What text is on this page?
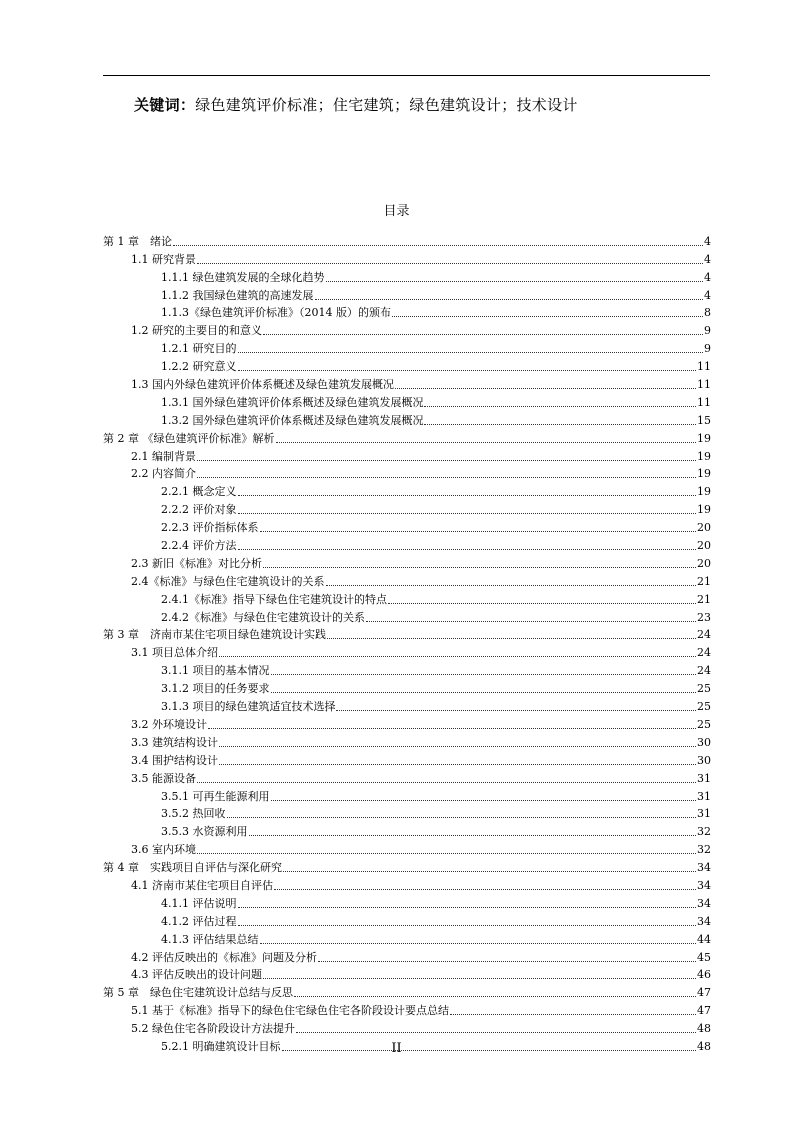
关键词：绿色建筑评价标准；住宅建筑；绿色建筑设计；技术设计
目录
第 1 章　绪论	4
1.1 研究背景	4
1.1.1 绿色建筑发展的全球化趋势	4
1.1.2 我国绿色建筑的高速发展	4
1.1.3《绿色建筑评价标准》（2014 版）的颁布	8
1.2 研究的主要目的和意义	9
1.2.1 研究目的	9
1.2.2 研究意义	11
1.3 国内外绿色建筑评价体系概述及绿色建筑发展概况	11
1.3.1 国外绿色建筑评价体系概述及绿色建筑发展概况	11
1.3.2 国外绿色建筑评价体系概述及绿色建筑发展概况	15
第 2 章 《绿色建筑评价标准》解析	19
2.1 编制背景	19
2.2 内容简介	19
2.2.1 概念定义	19
2.2.2 评价对象	19
2.2.3 评价指标体系	20
2.2.4 评价方法	20
2.3 新旧《标准》对比分析	20
2.4《标准》与绿色住宅建筑设计的关系	21
2.4.1《标准》指导下绿色住宅建筑设计的特点	21
2.4.2《标准》与绿色住宅建筑设计的关系	23
第 3 章　济南市某住宅项目绿色建筑设计实践	24
3.1 项目总体介绍	24
3.1.1 项目的基本情况	24
3.1.2 项目的任务要求	25
3.1.3 项目的绿色建筑适宜技术选择	25
3.2 外环境设计	25
3.3 建筑结构设计	30
3.4 围护结构设计	30
3.5 能源设备	31
3.5.1 可再生能源利用	31
3.5.2 热回收	31
3.5.3 水资源利用	32
3.6 室内环境	32
第 4 章　实践项目自评估与深化研究	34
4.1 济南市某住宅项目自评估	34
4.1.1 评估说明	34
4.1.2 评估过程	34
4.1.3 评估结果总结	44
4.2 评估反映出的《标准》问题及分析	45
4.3 评估反映出的设计问题	46
第 5 章　绿色住宅建筑设计总结与反思	47
5.1 基于《标准》指导下的绿色住宅绿色住宅各阶段设计要点总结	47
5.2 绿色住宅各阶段设计方法提升	48
5.2.1 明确建筑设计目标	48
II
